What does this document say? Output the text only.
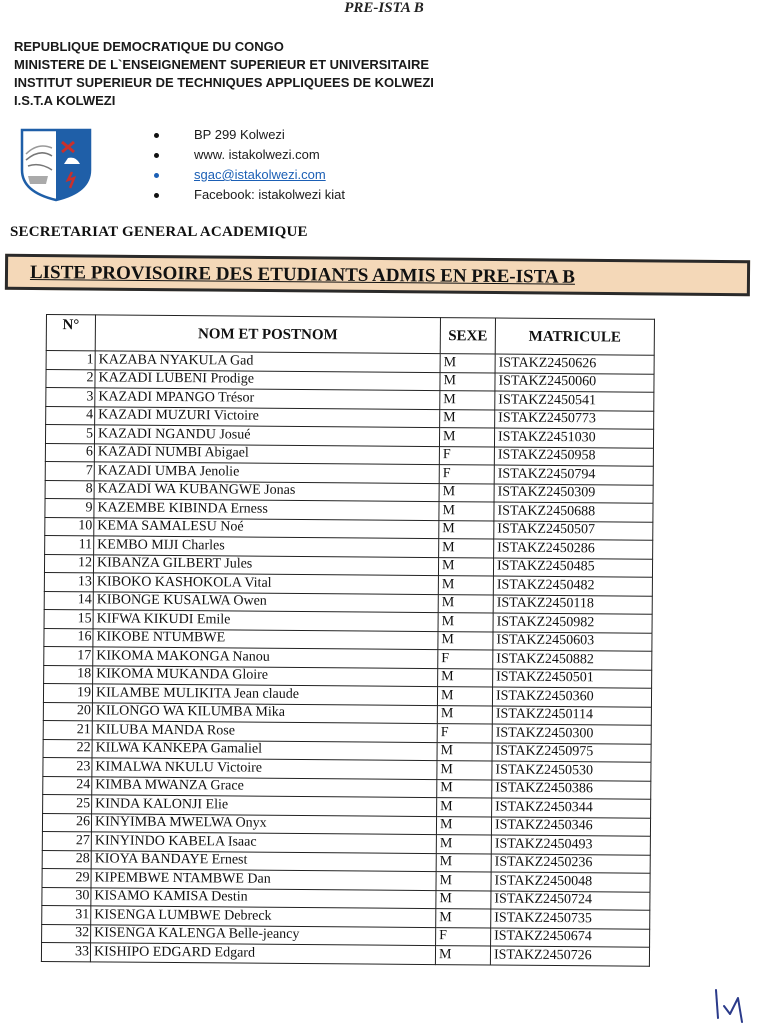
PRE-ISTA B
REPUBLIQUE DEMOCRATIQUE DU CONGO
MINISTERE DE L`ENSEIGNEMENT SUPERIEUR ET UNIVERSITAIRE
INSTITUT SUPERIEUR DE TECHNIQUES APPLIQUEES DE KOLWEZI
I.S.T.A KOLWEZI
BP 299 Kolwezi
www. istakolwezi.com
sgac@istakolwezi.com
Facebook: istakolwezi kiat
SECRETARIAT GENERAL ACADEMIQUE
LISTE PROVISOIRE DES ETUDIANTS ADMIS EN PRE-ISTA B
N°	NOM ET POSTNOM	SEXE	MATRICULE
1	KAZABA NYAKULA Gad	M	ISTAKZ2450626
2	KAZADI LUBENI Prodige	M	ISTAKZ2450060
3	KAZADI MPANGO Trésor	M	ISTAKZ2450541
4	KAZADI MUZURI Victoire	M	ISTAKZ2450773
5	KAZADI NGANDU Josué	M	ISTAKZ2451030
6	KAZADI NUMBI Abigael	F	ISTAKZ2450958
7	KAZADI UMBA Jenolie	F	ISTAKZ2450794
8	KAZADI WA KUBANGWE Jonas	M	ISTAKZ2450309
9	KAZEMBE KIBINDA Erness	M	ISTAKZ2450688
10	KEMA SAMALESU Noé	M	ISTAKZ2450507
11	KEMBO MIJI Charles	M	ISTAKZ2450286
12	KIBANZA GILBERT Jules	M	ISTAKZ2450485
13	KIBOKO KASHOKOLA Vital	M	ISTAKZ2450482
14	KIBONGE KUSALWA Owen	M	ISTAKZ2450118
15	KIFWA KIKUDI Emile	M	ISTAKZ2450982
16	KIKOBE NTUMBWE	M	ISTAKZ2450603
17	KIKOMA MAKONGA Nanou	F	ISTAKZ2450882
18	KIKOMA MUKANDA Gloire	M	ISTAKZ2450501
19	KILAMBE MULIKITA Jean claude	M	ISTAKZ2450360
20	KILONGO WA KILUMBA Mika	M	ISTAKZ2450114
21	KILUBA MANDA Rose	F	ISTAKZ2450300
22	KILWA KANKEPA Gamaliel	M	ISTAKZ2450975
23	KIMALWA NKULU Victoire	M	ISTAKZ2450530
24	KIMBA MWANZA Grace	M	ISTAKZ2450386
25	KINDA KALONJI Elie	M	ISTAKZ2450344
26	KINYIMBA MWELWA Onyx	M	ISTAKZ2450346
27	KINYINDO KABELA Isaac	M	ISTAKZ2450493
28	KIOYA BANDAYE Ernest	M	ISTAKZ2450236
29	KIPEMBWE NTAMBWE Dan	M	ISTAKZ2450048
30	KISAMO KAMISA Destin	M	ISTAKZ2450724
31	KISENGA LUMBWE Debreck	M	ISTAKZ2450735
32	KISENGA KALENGA Belle-jeancy	F	ISTAKZ2450674
33	KISHIPO EDGARD Edgard	M	ISTAKZ2450726
